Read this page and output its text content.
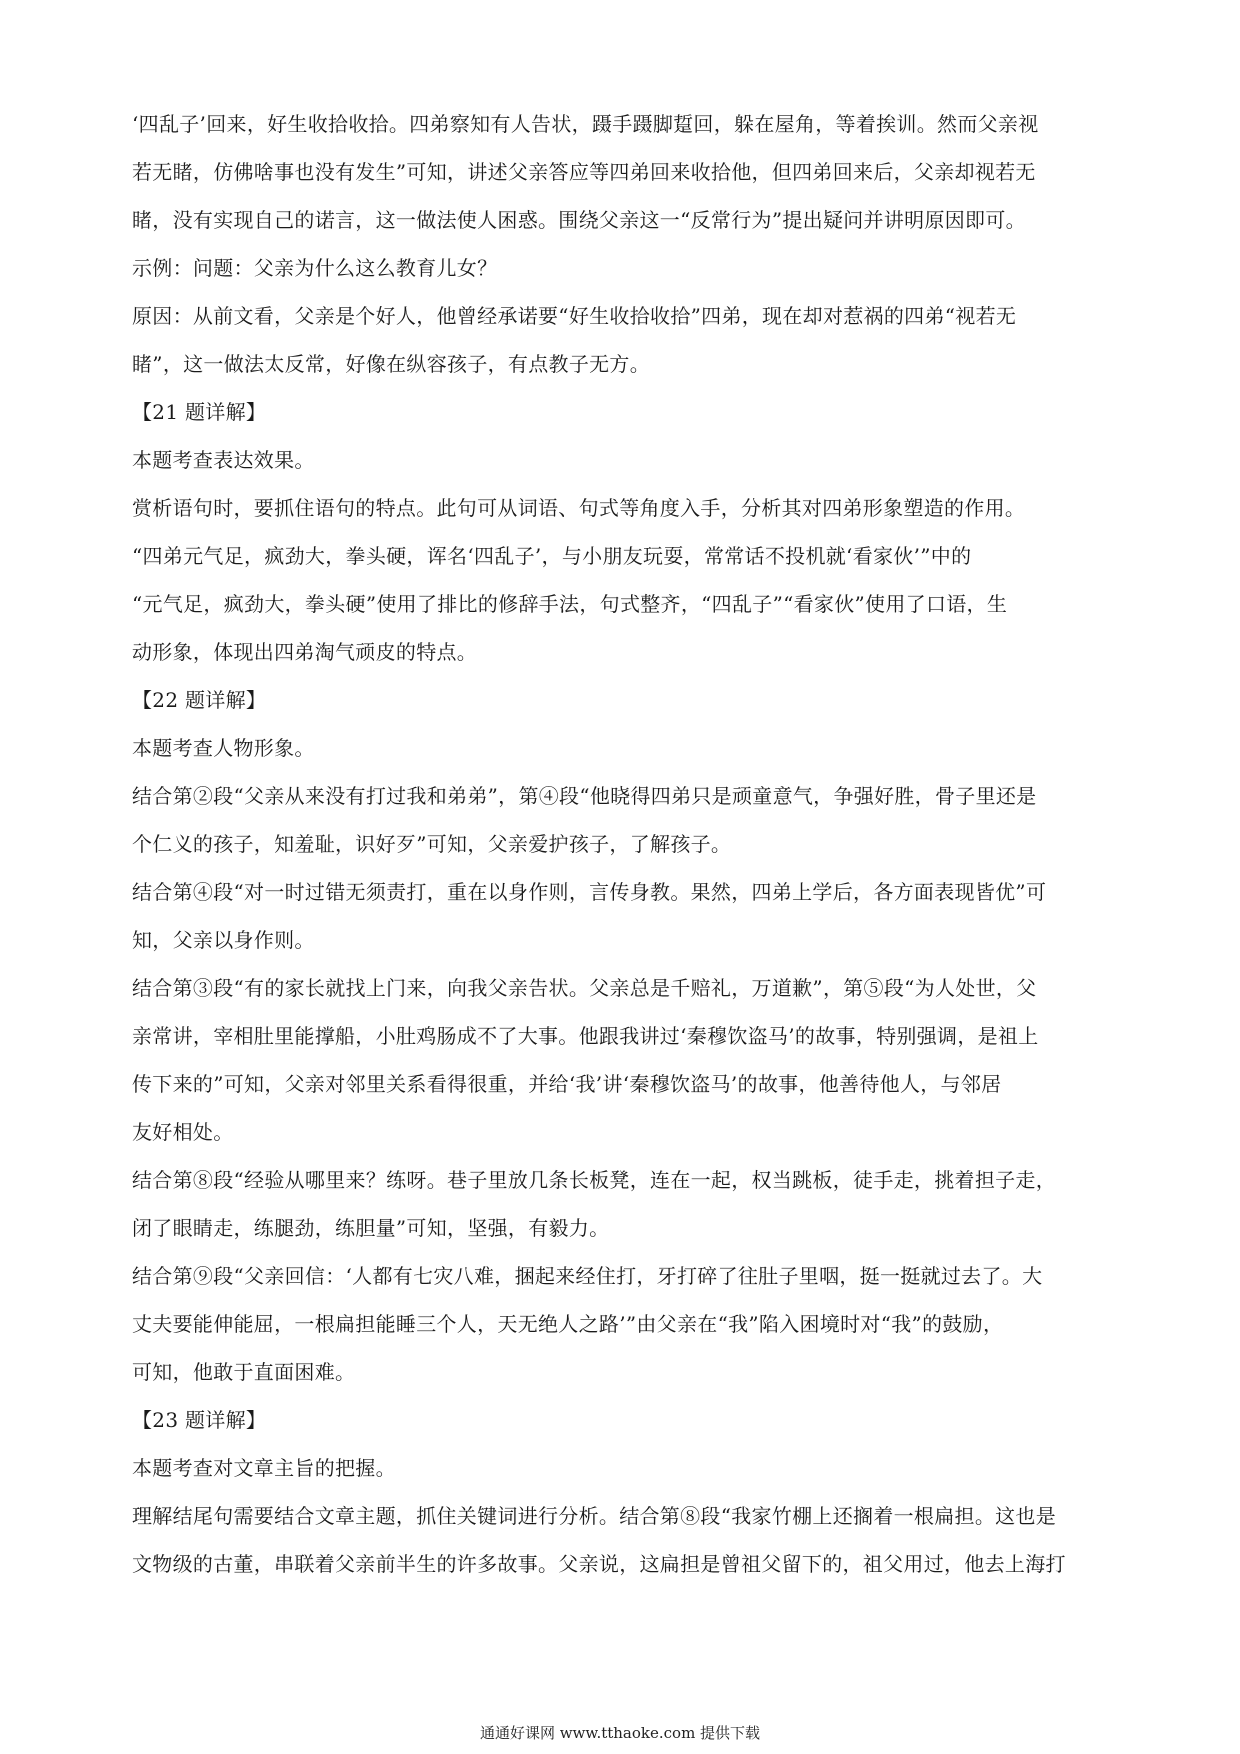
‘四乱子’回来，好生收拾收拾。四弟察知有人告状，蹑手蹑脚踅回，躲在屋角，等着挨训。然而父亲视

若无睹，仿佛啥事也没有发生”可知，讲述父亲答应等四弟回来收拾他，但四弟回来后，父亲却视若无

睹，没有实现自己的诺言，这一做法使人困惑。围绕父亲这一“反常行为”提出疑问并讲明原因即可。

示例：问题：父亲为什么这么教育儿女？

原因：从前文看，父亲是个好人，他曾经承诺要“好生收拾收拾”四弟，现在却对惹祸的四弟“视若无

睹”，这一做法太反常，好像在纵容孩子，有点教子无方。

【21 题详解】

本题考查表达效果。

赏析语句时，要抓住语句的特点。此句可从词语、句式等角度入手，分析其对四弟形象塑造的作用。

“四弟元气足，疯劲大，拳头硬，诨名‘四乱子’，与小朋友玩耍，常常话不投机就‘看家伙’”中的

“元气足，疯劲大，拳头硬”使用了排比的修辞手法，句式整齐，“四乱子”“看家伙”使用了口语，生

动形象，体现出四弟淘气顽皮的特点。

【22 题详解】

本题考查人物形象。

结合第②段“父亲从来没有打过我和弟弟”，第④段“他晓得四弟只是顽童意气，争强好胜，骨子里还是

个仁义的孩子，知羞耻，识好歹”可知，父亲爱护孩子，了解孩子。

结合第④段“对一时过错无须责打，重在以身作则，言传身教。果然，四弟上学后，各方面表现皆优”可

知，父亲以身作则。

结合第③段“有的家长就找上门来，向我父亲告状。父亲总是千赔礼，万道歉”，第⑤段“为人处世，父

亲常讲，宰相肚里能撑船，小肚鸡肠成不了大事。他跟我讲过‘秦穆饮盗马’的故事，特别强调，是祖上

传下来的”可知，父亲对邻里关系看得很重，并给‘我’讲‘秦穆饮盗马’的故事，他善待他人，与邻居

友好相处。

结合第⑧段“经验从哪里来？练呀。巷子里放几条长板凳，连在一起，权当跳板，徒手走，挑着担子走，

闭了眼睛走，练腿劲，练胆量”可知，坚强，有毅力。

结合第⑨段“父亲回信：‘人都有七灾八难，捆起来经住打，牙打碎了往肚子里咽，挺一挺就过去了。大

丈夫要能伸能屈，一根扁担能睡三个人，天无绝人之路’”由父亲在“我”陷入困境时对“我”的鼓励，

可知，他敢于直面困难。

【23 题详解】

本题考查对文章主旨的把握。

理解结尾句需要结合文章主题，抓住关键词进行分析。结合第⑧段“我家竹棚上还搁着一根扁担。这也是

文物级的古董，串联着父亲前半生的许多故事。父亲说，这扁担是曾祖父留下的，祖父用过，他去上海打

通通好课网 www.tthaoke.com 提供下载
